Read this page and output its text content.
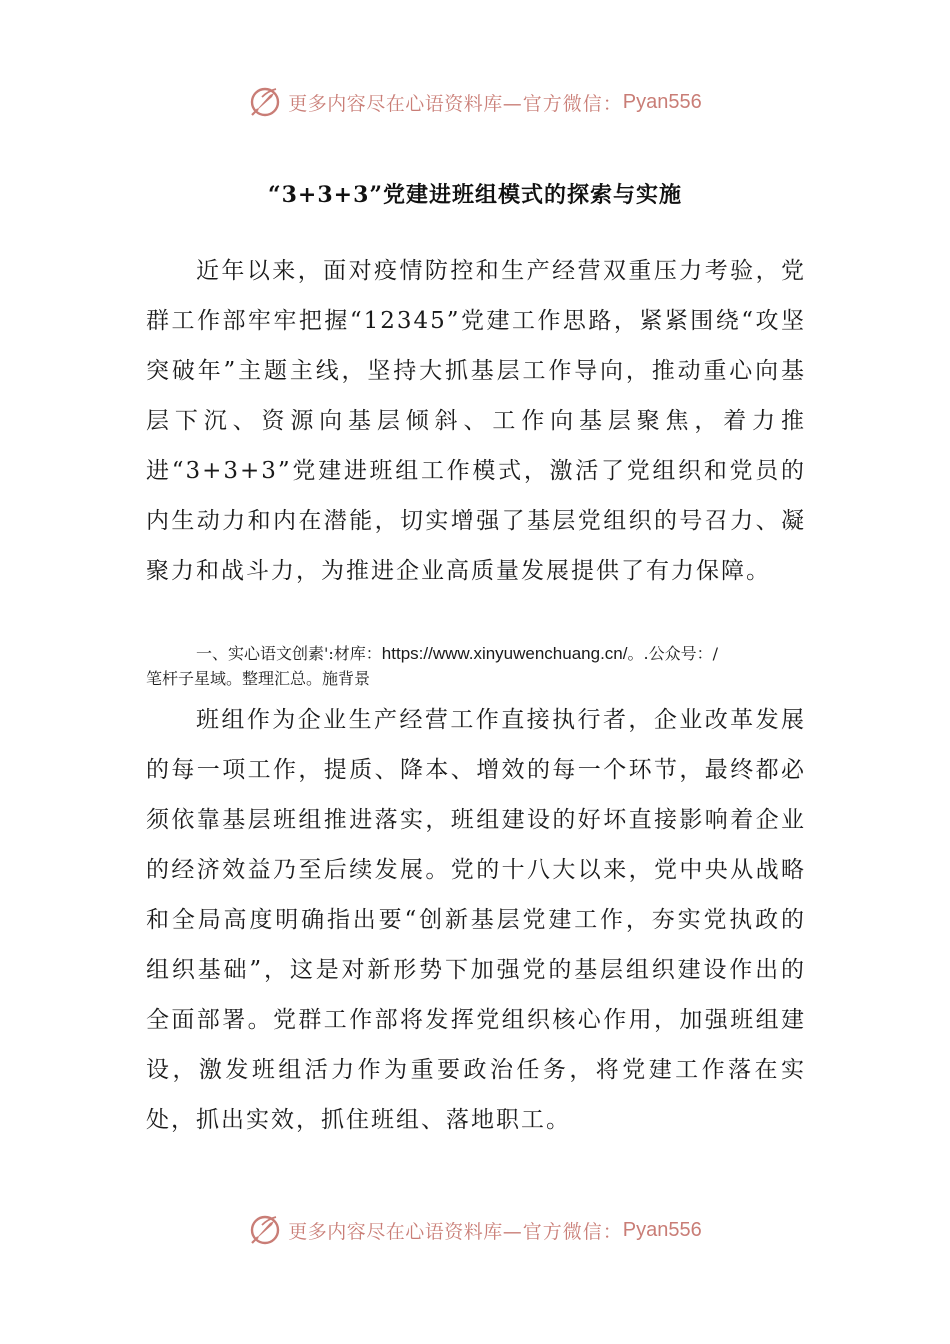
更多内容尽在心语资料库 —官方微信： Pyan556
“3+3+3”党建进班组模式的探索与实施

近年以来，面对疫情防控和生产经营双重压力考验，党群工作部牢牢把握“12345”党建工作思路，紧紧围绕“攻坚突破年”主题主线，坚持大抓基层工作导向，推动重心向基层下沉、资源向基层倾斜、工作向基层聚焦，着力推进“3+3+3”党建进班组工作模式，激活了党组织和党员的内生动力和内在潜能，切实增强了基层党组织的号召力、凝聚力和战斗力，为推进企业高质量发展提供了有力保障。

一、实心语文创素':材库：https://www.xinyuwenchuang.cn/。.公众号：/
笔杆子星域。整理汇总。施背景

班组作为企业生产经营工作直接执行者，企业改革发展的每一项工作，提质、降本、增效的每一个环节，最终都必须依靠基层班组推进落实，班组建设的好坏直接影响着企业的经济效益乃至后续发展。党的十八大以来，党中央从战略和全局高度明确指出要“创新基层党建工作，夯实党执政的组织基础”，这是对新形势下加强党的基层组织建设作出的全面部署。党群工作部将发挥党组织核心作用，加强班组建设，激发班组活力作为重要政治任务，将党建工作落在实处，抓出实效，抓住班组、落地职工。

更多内容尽在心语资料库 —官方微信： Pyan556
